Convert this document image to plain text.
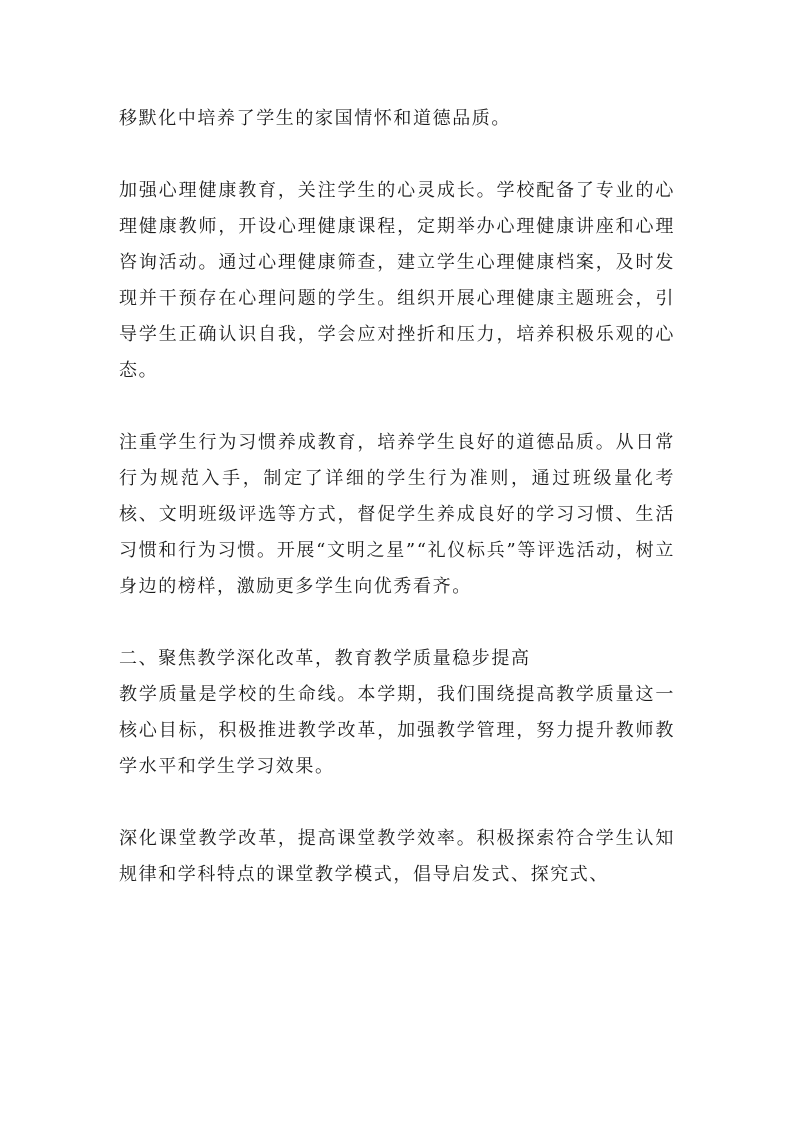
移默化中培养了学生的家国情怀和道德品质。

加强心理健康教育，关注学生的心灵成长。学校配备了专业的心理健康教师，开设心理健康课程，定期举办心理健康讲座和心理咨询活动。通过心理健康筛查，建立学生心理健康档案，及时发现并干预存在心理问题的学生。组织开展心理健康主题班会，引导学生正确认识自我，学会应对挫折和压力，培养积极乐观的心态。

注重学生行为习惯养成教育，培养学生良好的道德品质。从日常行为规范入手，制定了详细的学生行为准则，通过班级量化考核、文明班级评选等方式，督促学生养成良好的学习习惯、生活习惯和行为习惯。开展“文明之星”“礼仪标兵”等评选活动，树立身边的榜样，激励更多学生向优秀看齐。

二、聚焦教学深化改革，教育教学质量稳步提高

教学质量是学校的生命线。本学期，我们围绕提高教学质量这一核心目标，积极推进教学改革，加强教学管理，努力提升教师教学水平和学生学习效果。

深化课堂教学改革，提高课堂教学效率。积极探索符合学生认知规律和学科特点的课堂教学模式，倡导启发式、探究式、
